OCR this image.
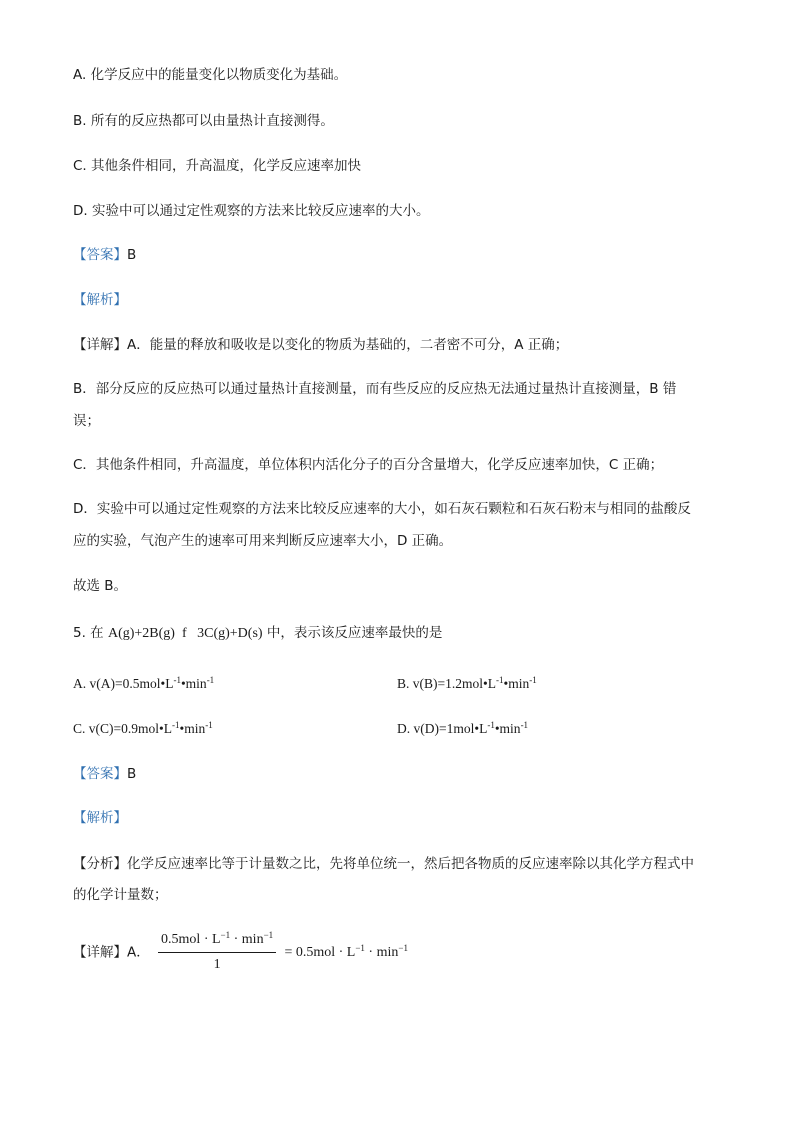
A. 化学反应中的能量变化以物质变化为基础。
B. 所有的反应热都可以由量热计直接测得。
C. 其他条件相同，升高温度，化学反应速率加快
D. 实验中可以通过定性观察的方法来比较反应速率的大小。
【答案】B
【解析】
【详解】A．能量的释放和吸收是以变化的物质为基础的，二者密不可分，A 正确；
B．部分反应的反应热可以通过量热计直接测量，而有些反应的反应热无法通过量热计直接测量，B 错
误；
C．其他条件相同，升高温度，单位体积内活化分子的百分含量增大，化学反应速率加快，C 正确；
D．实验中可以通过定性观察的方法来比较反应速率的大小，如石灰石颗粒和石灰石粉末与相同的盐酸反
应的实验，气泡产生的速率可用来判断反应速率大小，D 正确。
故选 B。
5. 在 A(g)+2B(g)  f   3C(g)+D(s) 中，表示该反应速率最快的是
A. $v(A)=0.5mol•L^{-1}•\min^{-1}$	B. $v(B)=1.2mol•L^{-1}•\min^{-1}$
C. $v(C)=0.9mol•L^{-1}•\min^{-1}$	D. $v(D)=1mol•L^{-1}•\min^{-1}$
【答案】B
【解析】
【分析】化学反应速率比等于计量数之比，先将单位统一，然后把各物质的反应速率除以其化学方程式中
的化学计量数；
【详解】A． $\frac{0.5mol \cdot L^{-1} \cdot \min^{-1}}{1} = 0.5mol \cdot L^{-1} \cdot \min^{-1}$
